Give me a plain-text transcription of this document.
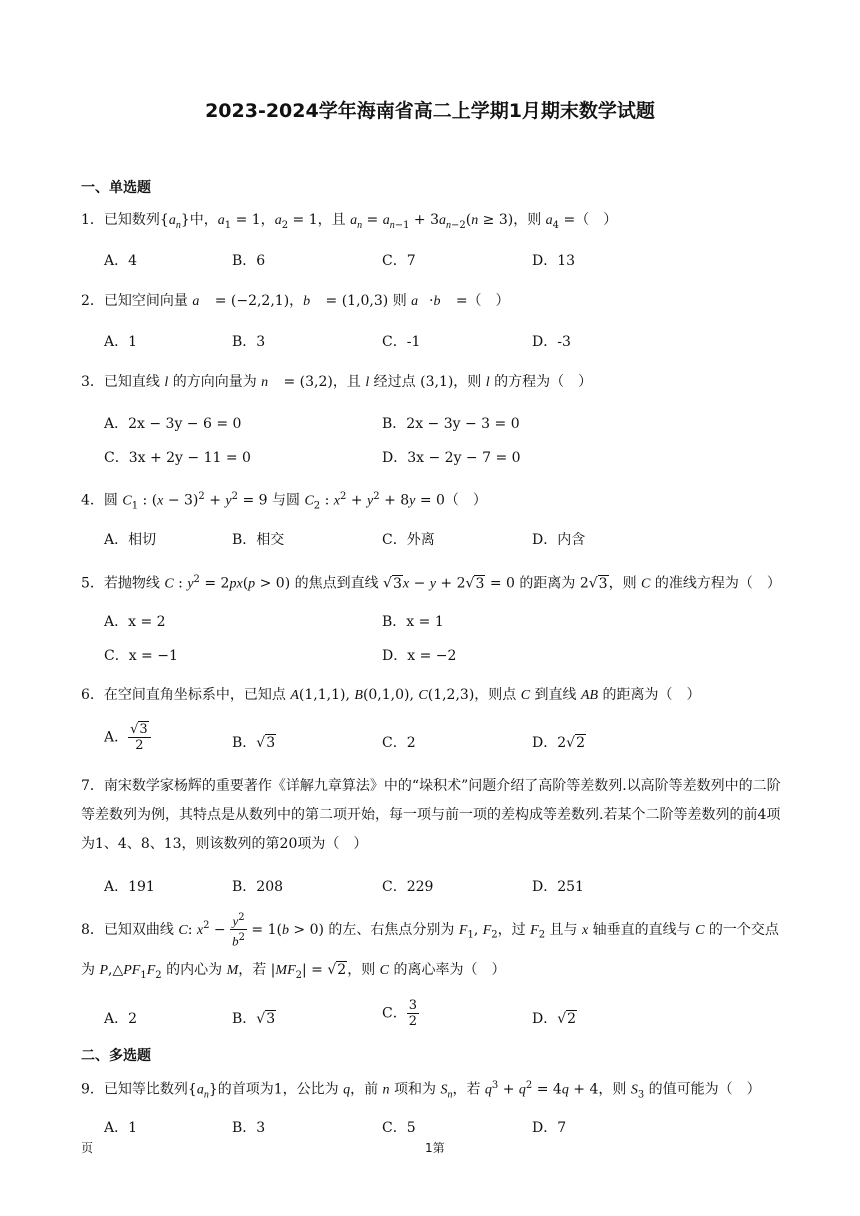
2023-2024学年海南省高二上学期1月期末数学试题
一、单选题
1．已知数列$\{a_n\}$中，$a_1 = 1$，$a_2 = 1$，且 $a_n = a_{n-1} + 3a_{n-2}(n \ge 3)$，则 $a_4$ =（　）
A．4	B．6	C．7	D．13
2．已知空间向量 a⃗ = (−2,2,1)，b⃗ = (1,0,3) 则 a⃗·b⃗ =（　）
A．1	B．3	C．-1	D．-3
3．已知直线 l 的方向向量为 n⃗ = (3,2)，且 l 经过点 (3,1)，则 l 的方程为（　）
A．2x − 3y − 6 = 0	B．2x − 3y − 3 = 0
C．3x + 2y − 11 = 0	D．3x − 2y − 7 = 0
4．圆 $C_1$ : $(x - 3)^2 + y^2 = 9$ 与圆 $C_2$ : $x^2 + y^2 + 8y = 0$（　）
A．相切	B．相交	C．外离	D．内含
5．若抛物线 C : $y^2 = 2px(p > 0)$ 的焦点到直线 √3x − y + 2√3 = 0 的距离为 2√3，则 C 的准线方程为（　）
A．x = 2	B．x = 1
C．x = −1	D．x = −2
6．在空间直角坐标系中，已知点 A(1,1,1), B(0,1,0), C(1,2,3)，则点 C 到直线 AB 的距离为（　）
A． $\frac{√3}{2}$	B．√3	C．2	D．2√2
7．南宋数学家杨辉的重要著作《详解九章算法》中的“垛积术”问题介绍了高阶等差数列.以高阶等差数列中的二阶等差数列为例，其特点是从数列中的第二项开始，每一项与前一项的差构成等差数列.若某个二阶等差数列的前4项为1、4、8、13，则该数列的第20项为（　）
A．191	B．208	C．229	D．251
8．已知双曲线 C: $x^2 - \frac{y^2}{b^2} = 1(b > 0)$ 的左、右焦点分别为 $F_1$, $F_2$，过 $F_2$ 且与 x 轴垂直的直线与 C 的一个交点
为 $P,\triangle PF_1F_2$ 的内心为 M，若 $|MF_2| = √2$，则 C 的离心率为（　）
A．2	B．√3	C． $\frac{3}{2}$	D．√2
二、多选题
9．已知等比数列$\{a_n\}$的首项为1，公比为 q，前 n 项和为 $S_n$，若 $q^3 + q^2 = 4q + 4$，则 $S_3$ 的值可能为（　）
A．1	B．3	C．5	D．7
页	1第
